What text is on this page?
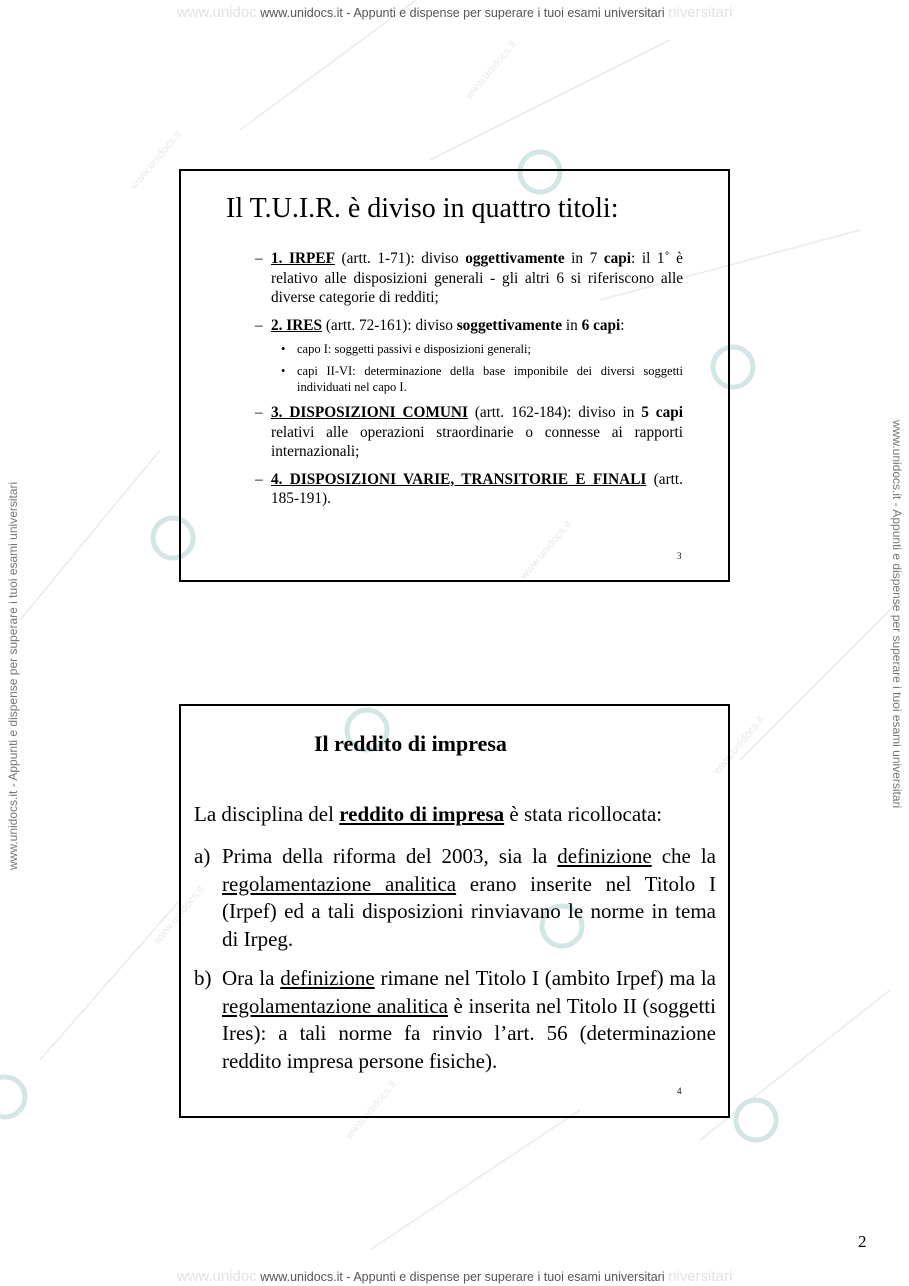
www.unidocs.it
www.unidocs.it
www.unidocs.it
www.unidocs.it
www.unidocs.it
www.unidocs.it
www.unidoc www.unidocs.it - Appunti e dispense per superare i tuoi esami universitari niversitari
www.unidoc www.unidocs.it - Appunti e dispense per superare i tuoi esami universitari niversitari
www.unidocs.it - Appunti e dispense per superare i tuoi esami universitari	www.unidocs.it - Appunti e dispense per superare i tuoi esami universitari
Il T.U.I.R. è diviso in quattro titoli:
– 1. IRPEF (artt. 1-71): diviso oggettivamente in 7 capi: il 1˚ è relativo alle disposizioni generali - gli altri 6 si riferiscono alle diverse categorie di redditi;
– 2. IRES (artt. 72-161): diviso soggettivamente in 6 capi:
• capo I: soggetti passivi e disposizioni generali;
• capi II-VI: determinazione della base imponibile dei diversi soggetti individuati nel capo I.
– 3. DISPOSIZIONI COMUNI (artt. 162-184): diviso in 5 capi relativi alle operazioni straordinarie o connesse ai rapporti internazionali;
– 4. DISPOSIZIONI VARIE, TRANSITORIE E FINALI (artt. 185-191).
3
Il reddito di impresa
La disciplina del reddito di impresa è stata ricollocata:
a) Prima della riforma del 2003, sia la definizione che la regolamentazione analitica erano inserite nel Titolo I (Irpef) ed a tali disposizioni rinviavano le norme in tema di Irpeg.
b) Ora la definizione rimane nel Titolo I (ambito Irpef) ma la regolamentazione analitica è inserita nel Titolo II (soggetti Ires): a tali norme fa rinvio l’art. 56 (determinazione reddito impresa persone fisiche).
4
2
